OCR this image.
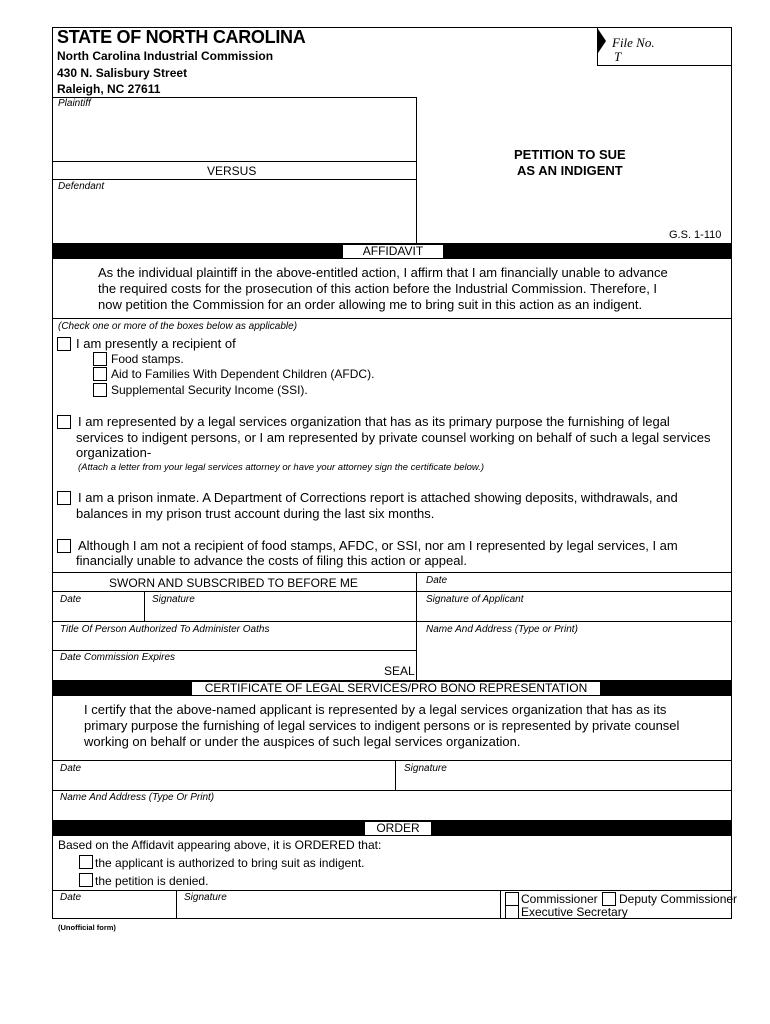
STATE OF NORTH CAROLINA
North Carolina Industrial Commission
430 N. Salisbury Street
Raleigh, NC 27611
File No.
T
Plaintiff
VERSUS
Defendant
PETITION TO SUE
AS AN INDIGENT
G.S. 1-110
AFFIDAVIT
As the individual plaintiff in the above-entitled action, I affirm that I am financially unable to advance
the required costs for the prosecution of this action before the Industrial Commission. Therefore, I
now petition the Commission for an order allowing me to bring suit in this action as an indigent.
(Check one or more of the boxes below as applicable)
I am presently a recipient of
Food stamps.
Aid to Families With Dependent Children (AFDC).
Supplemental Security Income (SSI).
I am represented by a legal services organization that has as its primary purpose the furnishing of legal
services to indigent persons, or I am represented by private counsel working on behalf of such a legal services
organization-
(Attach a letter from your legal services attorney or have your attorney sign the certificate below.)
I am a prison inmate. A Department of Corrections report is attached showing deposits, withdrawals, and
balances in my prison trust account during the last six months.
Although I am not a recipient of food stamps, AFDC, or SSI, nor am I represented by legal services, I am
financially unable to advance the costs of filing this action or appeal.
SWORN AND SUBSCRIBED TO BEFORE ME	Date
Date	Signature	Signature of Applicant
Title Of Person Authorized To Administer Oaths	Name And Address (Type or Print)
Date Commission Expires
SEAL
CERTIFICATE OF LEGAL SERVICES/PRO BONO REPRESENTATION
I certify that the above-named applicant is represented by a legal services organization that has as its
primary purpose the furnishing of legal services to indigent persons or is represented by private counsel
working on behalf or under the auspices of such legal services organization.
Date	Signature
Name And Address (Type Or Print)
ORDER
Based on the Affidavit appearing above, it is ORDERED that:
the applicant is authorized to bring suit as indigent.
the petition is denied.
Date	Signature	Commissioner Deputy Commissioner
Executive Secretary
(Unofficial form)
